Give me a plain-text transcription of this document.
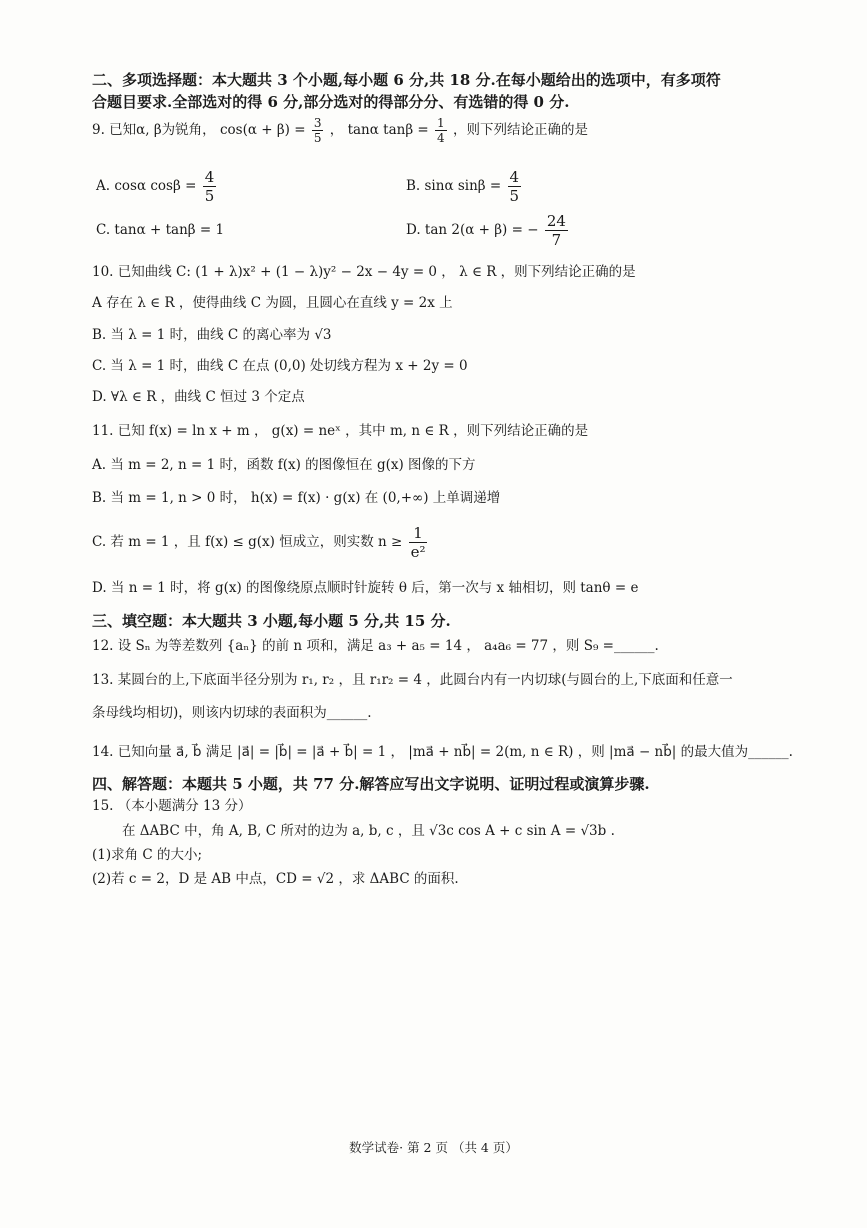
二、多项选择题：本大题共 3 个小题,每小题 6 分,共 18 分.在每小题给出的选项中，有多项符
合题目要求.全部选对的得 6 分,部分选对的得部分分、有选错的得 0 分.
9. 已知α, β为锐角， $\cos(\alpha + \beta) = \frac{3}{5}$ ， tanα $\tan\beta = \frac{1}{4}$ ，则下列结论正确的是
A. cosα $\cos\beta = \frac{4}{5}$	B. sinα $\sin\beta = \frac{4}{5}$
C. tanα + tanβ = 1	D. tan 2(α + β) = − $\frac{24}{7}$
10. 已知曲线 C: (1 + λ)x² + (1 − λ)y² − 2x − 4y = 0 ， λ ∈ R ，则下列结论正确的是
A 存在 λ ∈ R ，使得曲线 C 为圆，且圆心在直线 y = 2x 上
B. 当 λ = 1 时，曲线 C 的离心率为 √3
C. 当 λ = 1 时，曲线 C 在点 (0,0) 处切线方程为 x + 2y = 0
D. ∀λ ∈ R ，曲线 C 恒过 3 个定点
11. 已知 f(x) = ln x + m ， g(x) = neˣ ，其中 m, n ∈ R ，则下列结论正确的是
A. 当 m = 2, n = 1 时，函数 f(x) 的图像恒在 g(x) 图像的下方
B. 当 m = 1, n > 0 时， h(x) = f(x) · g(x) 在 (0,+∞) 上单调递增
C. 若 m = 1 ，且 f(x) ≤ g(x) 恒成立，则实数 $n \ge \frac{1}{\text{e²}}$
D. 当 n = 1 时，将 g(x) 的图像绕原点顺时针旋转 θ 后，第一次与 x 轴相切，则 tanθ = e
三、填空题：本大题共 3 小题,每小题 5 分,共 15 分.
12. 设 Sₙ 为等差数列 {aₙ} 的前 n 项和，满足 a₃ + a₅ = 14 ， a₄a₆ = 77 ，则 S₉ =______.
13. 某圆台的上,下底面半径分别为 r₁, r₂ ，且 r₁r₂ = 4 ，此圆台内有一内切球(与圆台的上,下底面和任意一
条母线均相切)，则该内切球的表面积为______.
14. 已知向量 a⃗, b⃗ 满足 |a⃗| = |b⃗| = |a⃗ + b⃗| = 1 ， |ma⃗ + nb⃗| = 2(m, n ∈ R) ，则 |ma⃗ − nb⃗| 的最大值为______.
四、解答题：本题共 5 小题，共 77 分.解答应写出文字说明、证明过程或演算步骤.
15. （本小题满分 13 分）
在 ΔABC 中，角 A, B, C 所对的边为 a, b, c ，且 √3c cos A + c sin A = √3b .
(1)求角 C 的大小;
(2)若 c = 2，D 是 AB 中点，CD = √2 ，求 ΔABC 的面积.
数学试卷· 第 2 页 （共 4 页）
